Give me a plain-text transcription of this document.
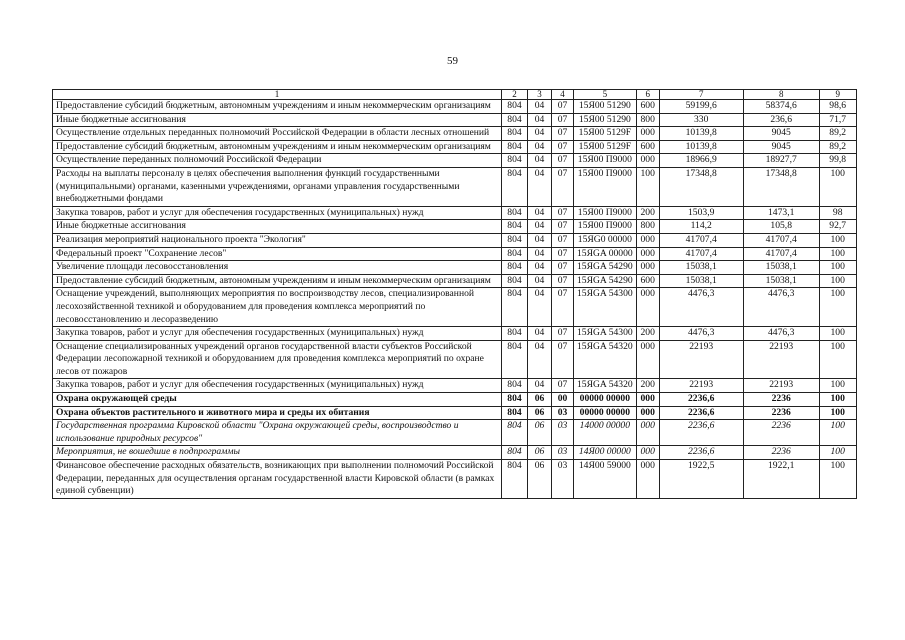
59
1	2	3	4	5	6	7	8	9
Предоставление субсидий бюджетным, автономным учреждениям и иным некоммерческим организациям	804	04	07	15Я00 51290	600	59199,6	58374,6	98,6
Иные бюджетные ассигнования	804	04	07	15Я00 51290	800	330	236,6	71,7
Осуществление отдельных переданных полномочий Российской Федерации в области лесных отношений	804	04	07	15Я00 5129F	000	10139,8	9045	89,2
Предоставление субсидий бюджетным, автономным учреждениям и иным некоммерческим организациям	804	04	07	15Я00 5129F	600	10139,8	9045	89,2
Осуществление переданных полномочий Российской Федерации	804	04	07	15Я00 П9000	000	18966,9	18927,7	99,8
Расходы на выплаты персоналу в целях обеспечения выполнения функций государственными (муниципальными) органами, казенными учреждениями, органами управления государственными внебюджетными фондами	804	04	07	15Я00 П9000	100	17348,8	17348,8	100
Закупка товаров, работ и услуг для обеспечения государственных (муниципальных) нужд	804	04	07	15Я00 П9000	200	1503,9	1473,1	98
Иные бюджетные ассигнования	804	04	07	15Я00 П9000	800	114,2	105,8	92,7
Реализация мероприятий национального проекта "Экология"	804	04	07	15ЯG0 00000	000	41707,4	41707,4	100
Федеральный проект "Сохранение лесов"	804	04	07	15ЯGA 00000	000	41707,4	41707,4	100
Увеличение площади лесовосстановления	804	04	07	15ЯGA 54290	000	15038,1	15038,1	100
Предоставление субсидий бюджетным, автономным учреждениям и иным некоммерческим организациям	804	04	07	15ЯGA 54290	600	15038,1	15038,1	100
Оснащение учреждений, выполняющих мероприятия по воспроизводству лесов, специализированной лесохозяйственной техникой и оборудованием для проведения комплекса мероприятий по лесовосстановлению и лесоразведению	804	04	07	15ЯGA 54300	000	4476,3	4476,3	100
Закупка товаров, работ и услуг для обеспечения государственных (муниципальных) нужд	804	04	07	15ЯGA 54300	200	4476,3	4476,3	100
Оснащение специализированных учреждений органов государственной власти субъектов Российской Федерации лесопожарной техникой и оборудованием для проведения комплекса мероприятий по охране лесов от пожаров	804	04	07	15ЯGA 54320	000	22193	22193	100
Закупка товаров, работ и услуг для обеспечения государственных (муниципальных) нужд	804	04	07	15ЯGA 54320	200	22193	22193	100
Охрана окружающей среды	804	06	00	00000 00000	000	2236,6	2236	100
Охрана объектов растительного и животного мира и среды их обитания	804	06	03	00000 00000	000	2236,6	2236	100
Государственная программа Кировской области "Охрана окружающей среды, воспроизводство и использование природных ресурсов"	804	06	03	14000 00000	000	2236,6	2236	100
Мероприятия, не вошедшие в подпрограммы	804	06	03	14Я00 00000	000	2236,6	2236	100
Финансовое обеспечение расходных обязательств, возникающих при выполнении полномочий Российской Федерации, переданных для осуществления органам государственной власти Кировской области (в рамках единой субвенции)	804	06	03	14Я00 59000	000	1922,5	1922,1	100
